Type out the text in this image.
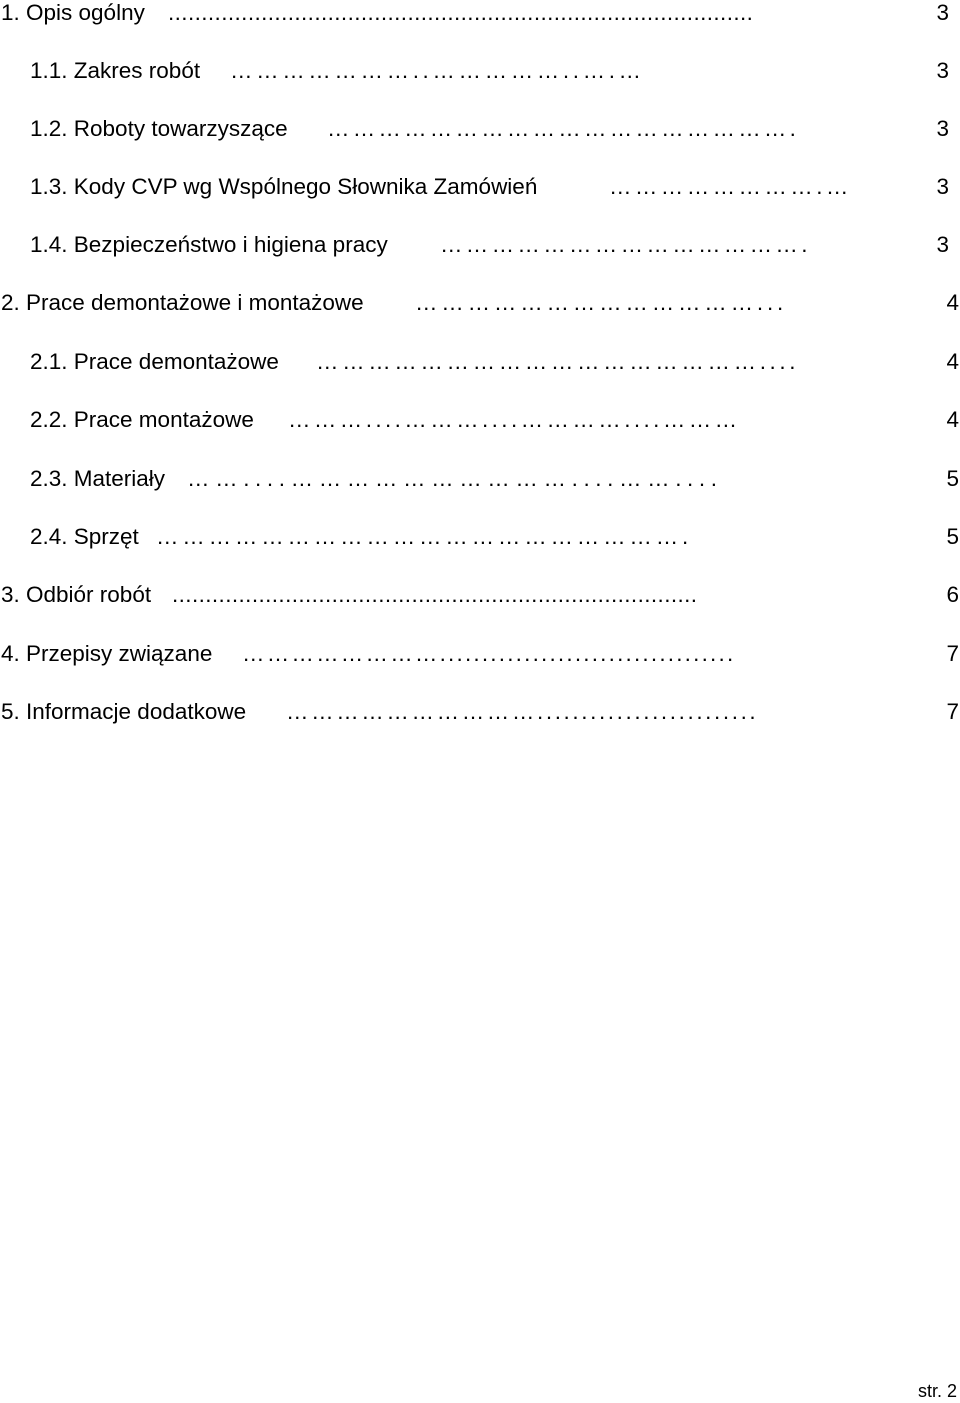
1. Opis ogólny ........................................................................................	3
1.1. Zakres robót …………………..……………..….…	3
1.2. Roboty towarzyszące ……………………………………………….	3
1.3. Kody CVP wg Wspólnego Słownika Zamówień	…………………….…	3
1.4. Bezpieczeństwo i higiena pracy …………………………………….	3
2. Prace demontażowe i montażowe …………………………………...	4
2.1. Prace demontażowe ……………………………………………....	4
2.2. Prace montażowe ………....………....…………....………	4
2.3. Materiały ……....…………………………....……....	5
2.4. Sprzęt …………………………………………………….	5
3. Odbiór robót ...............................................................................	6
4. Przepisy związane ……………………...................................	7
5. Informacje dodatkowe ………………………….........................	7
str. 2
